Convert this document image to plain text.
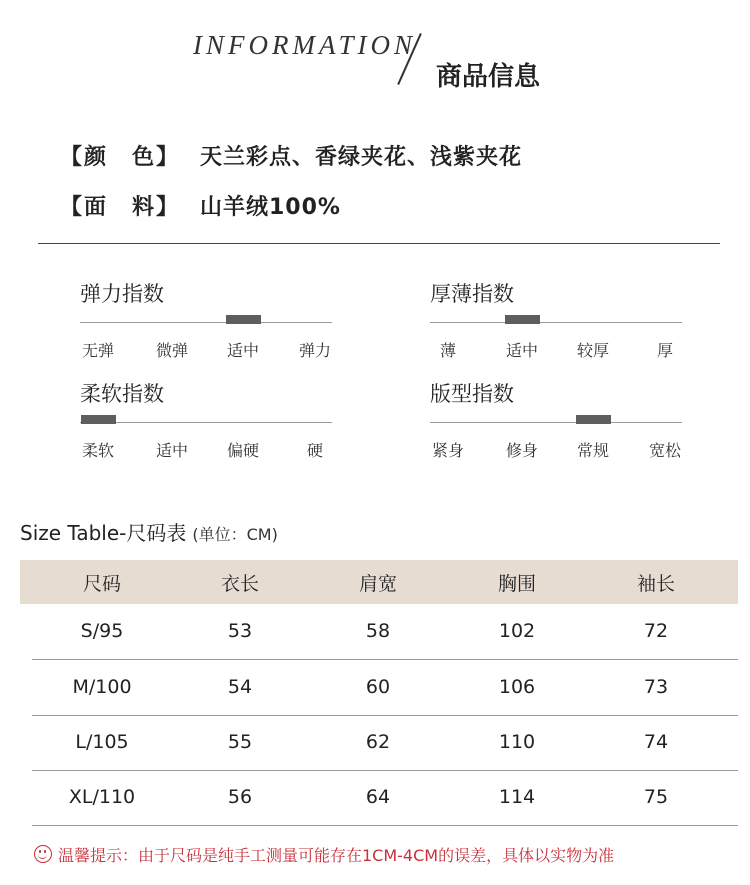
INFORMATION
商品信息
【颜　色】 天兰彩点、香绿夹花、浅紫夹花
【面　料】 山羊绒100%
弹力指数
无弹	微弹 适中 弹力
厚薄指数
薄	适中 较厚	厚
柔软指数
柔软	适中 偏硬	硬
版型指数
紧身	修身 常规 宽松
Size Table-尺码表 (单位：CM)
尺码	衣长	肩宽	胸围	袖长
S/95	53	58	102	72
M/100	54	60	106	73
L/105	55	62	110	74
XL/110	56	64	114	75
温馨提示：由于尺码是纯手工测量可能存在1CM-4CM的误差，具体以实物为准
